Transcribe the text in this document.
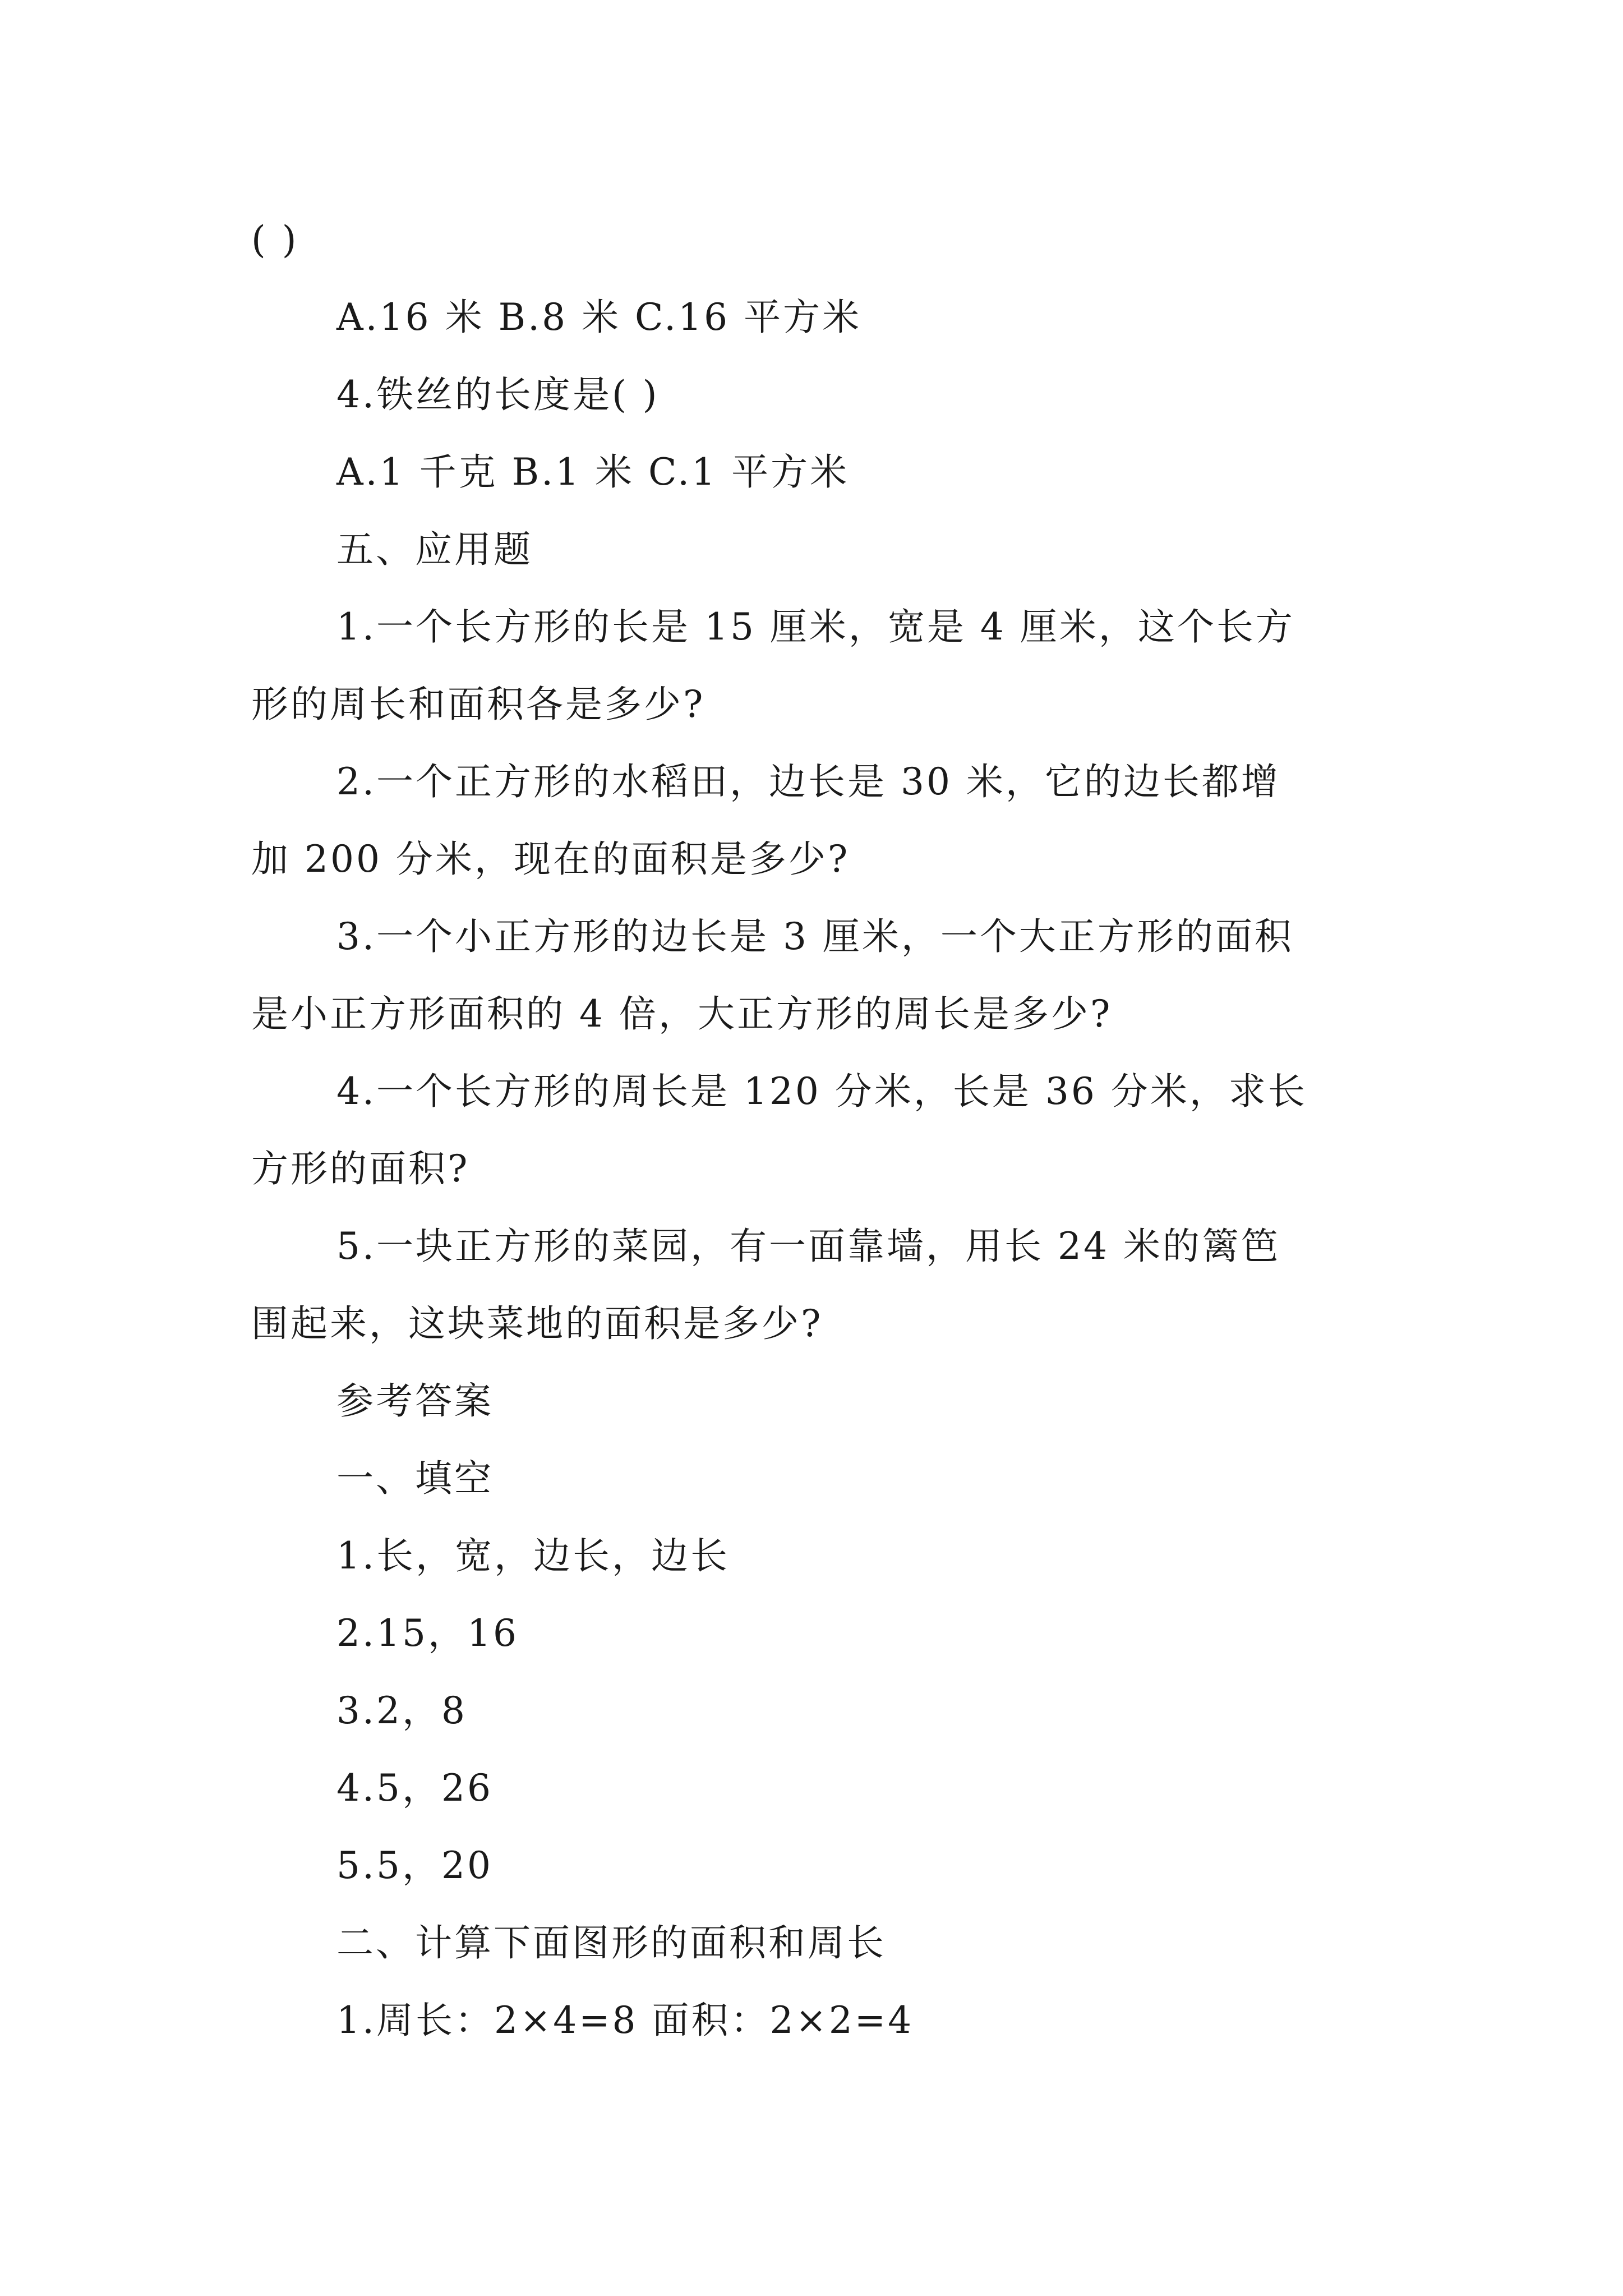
( )
A.16 米 B.8 米 C.16 平方米
4.铁丝的长度是( )
A.1 千克 B.1 米 C.1 平方米
五、应用题
1.一个长方形的长是 15 厘米，宽是 4 厘米，这个长方
形的周长和面积各是多少?
2.一个正方形的水稻田，边长是 30 米，它的边长都增
加 200 分米，现在的面积是多少?
3.一个小正方形的边长是 3 厘米，一个大正方形的面积
是小正方形面积的 4 倍，大正方形的周长是多少?
4.一个长方形的周长是 120 分米，长是 36 分米，求长
方形的面积?
5.一块正方形的菜园，有一面靠墙，用长 24 米的篱笆
围起来，这块菜地的面积是多少?
参考答案
一、填空
1.长，宽，边长，边长
2.15，16
3.2，8
4.5，26
5.5，20
二、计算下面图形的面积和周长
1.周长：2×4=8 面积：2×2=4
